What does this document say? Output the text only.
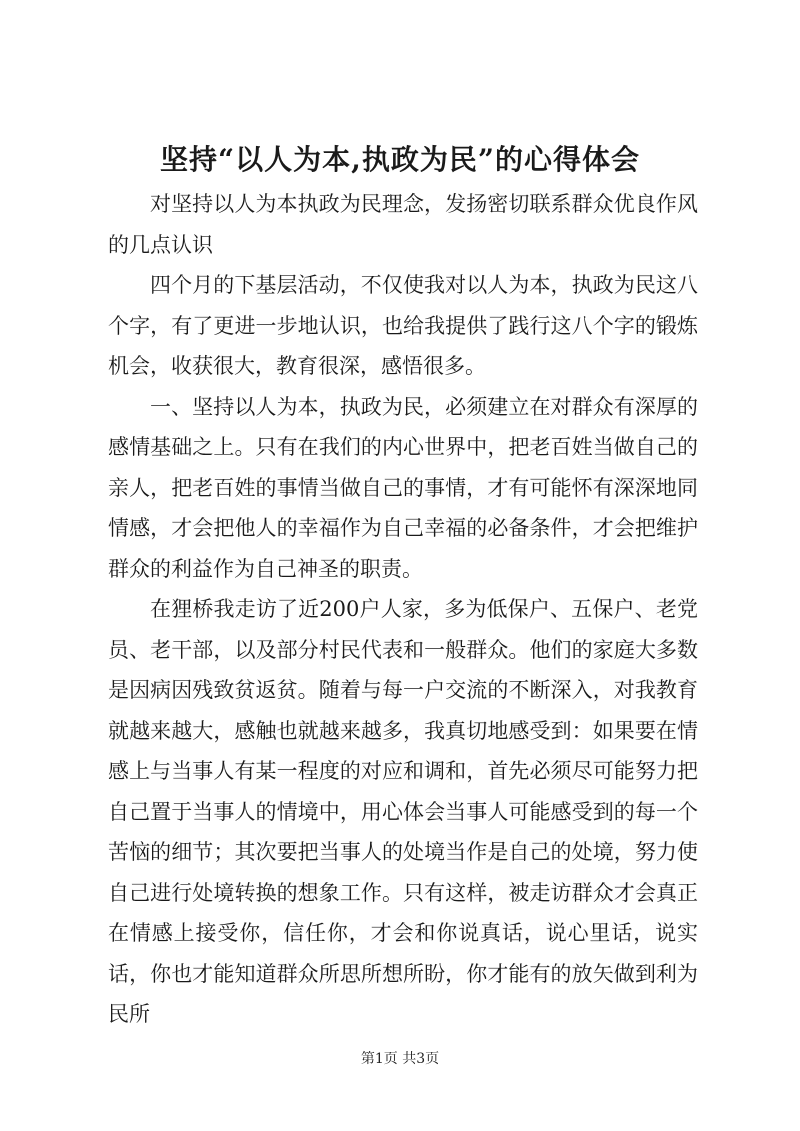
坚持“以人为本,执政为民”的心得体会

对坚持以人为本执政为民理念，发扬密切联系群众优良作风的几点认识

四个月的下基层活动，不仅使我对以人为本，执政为民这八个字，有了更进一步地认识，也给我提供了践行这八个字的锻炼机会，收获很大，教育很深，感悟很多。

一、坚持以人为本，执政为民，必须建立在对群众有深厚的感情基础之上。只有在我们的内心世界中，把老百姓当做自己的亲人，把老百姓的事情当做自己的事情，才有可能怀有深深地同情感，才会把他人的幸福作为自己幸福的必备条件，才会把维护群众的利益作为自己神圣的职责。

在狸桥我走访了近200户人家，多为低保户、五保户、老党员、老干部，以及部分村民代表和一般群众。他们的家庭大多数是因病因残致贫返贫。随着与每一户交流的不断深入，对我教育就越来越大，感触也就越来越多，我真切地感受到：如果要在情感上与当事人有某一程度的对应和调和，首先必须尽可能努力把自己置于当事人的情境中，用心体会当事人可能感受到的每一个苦恼的细节；其次要把当事人的处境当作是自己的处境，努力使自己进行处境转换的想象工作。只有这样，被走访群众才会真正在情感上接受你，信任你，才会和你说真话，说心里话，说实话，你也才能知道群众所思所想所盼，你才能有的放矢做到利为民所

第1页 共3页
